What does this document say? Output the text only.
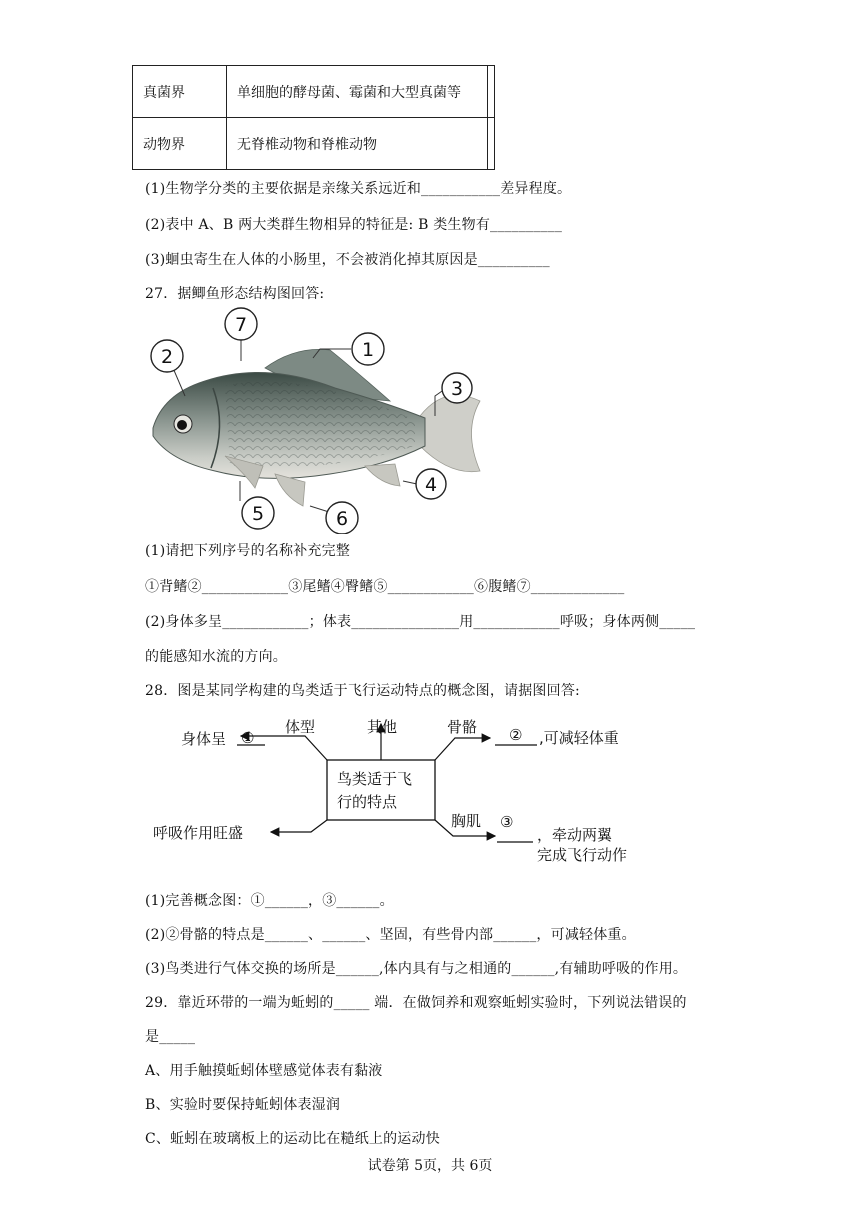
真菌界	单细胞的酵母菌、霉菌和大型真菌等	
动物界	无脊椎动物和脊椎动物	
(1)生物学分类的主要依据是亲缘关系远近和___________差异程度。
(2)表中 A、B 两大类群生物相异的特征是: B 类生物有__________
(3)蛔虫寄生在人体的小肠里，不会被消化掉其原因是__________
27．据鲫鱼形态结构图回答:
1
2
3
4
5	6
7
(1)请把下列序号的名称补充完整
①背鳍②____________③尾鳍④臀鳍⑤____________⑥腹鳍⑦_____________
(2)身体多呈____________；体表_______________用____________呼吸；身体两侧_____
的能感知水流的方向。
28．图是某同学构建的鸟类适于飞行运动特点的概念图，请据图回答:
鸟类适于飞
行的特点
体型	其他	骨骼
胸肌
身体呈 ①	②
③
,可减轻体重
，牵动两翼
完成飞行动作
呼吸作用旺盛
(1)完善概念图：①______，③______。
(2)②骨骼的特点是______、______、坚固，有些骨内部______，可减轻体重。
(3)鸟类进行气体交换的场所是______,体内具有与之相通的______,有辅助呼吸的作用。
29．靠近环带的一端为蚯蚓的_____ 端．在做饲养和观察蚯蚓实验时，下列说法错误的
是_____
A、用手触摸蚯蚓体壁感觉体表有黏液
B、实验时要保持蚯蚓体表湿润
C、蚯蚓在玻璃板上的运动比在糙纸上的运动快
试卷第 5页，共 6页
